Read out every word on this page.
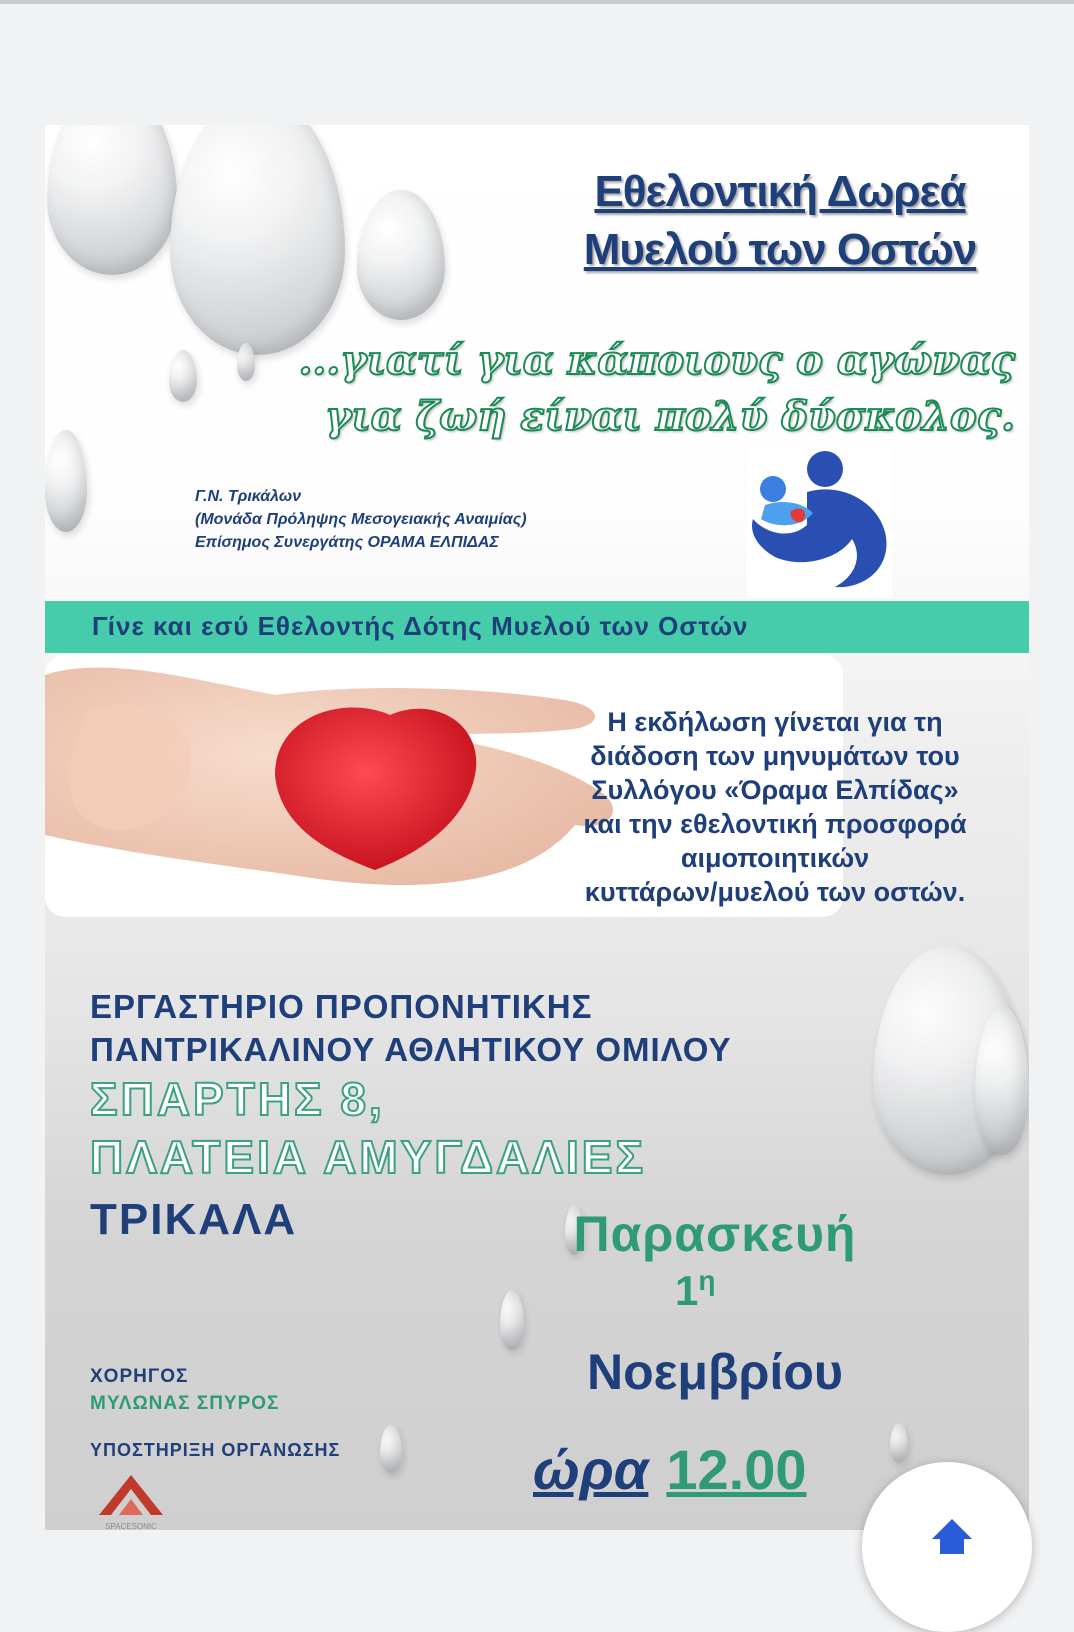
Εθελοντική Δωρεά
Μυελού των Οστών
...γιατί για κάποιους ο αγώνας
για ζωή είναι πολύ δύσκολος.
Γ.Ν. Τρικάλων
(Μονάδα Πρόληψης Μεσογειακής Αναιμίας)
Επίσημος Συνεργάτης ΟΡΑΜΑ ΕΛΠΙΔΑΣ
Γίνε και εσύ Εθελοντής Δότης Μυελού των Οστών
Η εκδήλωση γίνεται για τη
διάδοση των μηνυμάτων του
Συλλόγου «Όραμα Ελπίδας»
και την εθελοντική προσφορά
αιμοποιητικών
κυττάρων/μυελού των οστών.
ΕΡΓΑΣΤΗΡΙΟ ΠΡΟΠΟΝΗΤΙΚΗΣ
ΠΑΝΤΡΙΚΑΛΙΝΟΥ ΑΘΛΗΤΙΚΟΥ ΟΜΙΛΟΥ
ΣΠΑΡΤΗΣ 8,
ΠΛΑΤΕΙΑ ΑΜΥΓΔΑΛΙΕΣ
ΤΡΙΚΑΛΑ	Παρασκευή
$1^\eta$
Νοεμβρίου
ώρα 12.00
ΧΟΡΗΓΟΣ
ΜΥΛΩΝΑΣ ΣΠΥΡΟΣ
ΥΠΟΣΤΗΡΙΞΗ ΟΡΓΑΝΩΣΗΣ
SPACESONIC
